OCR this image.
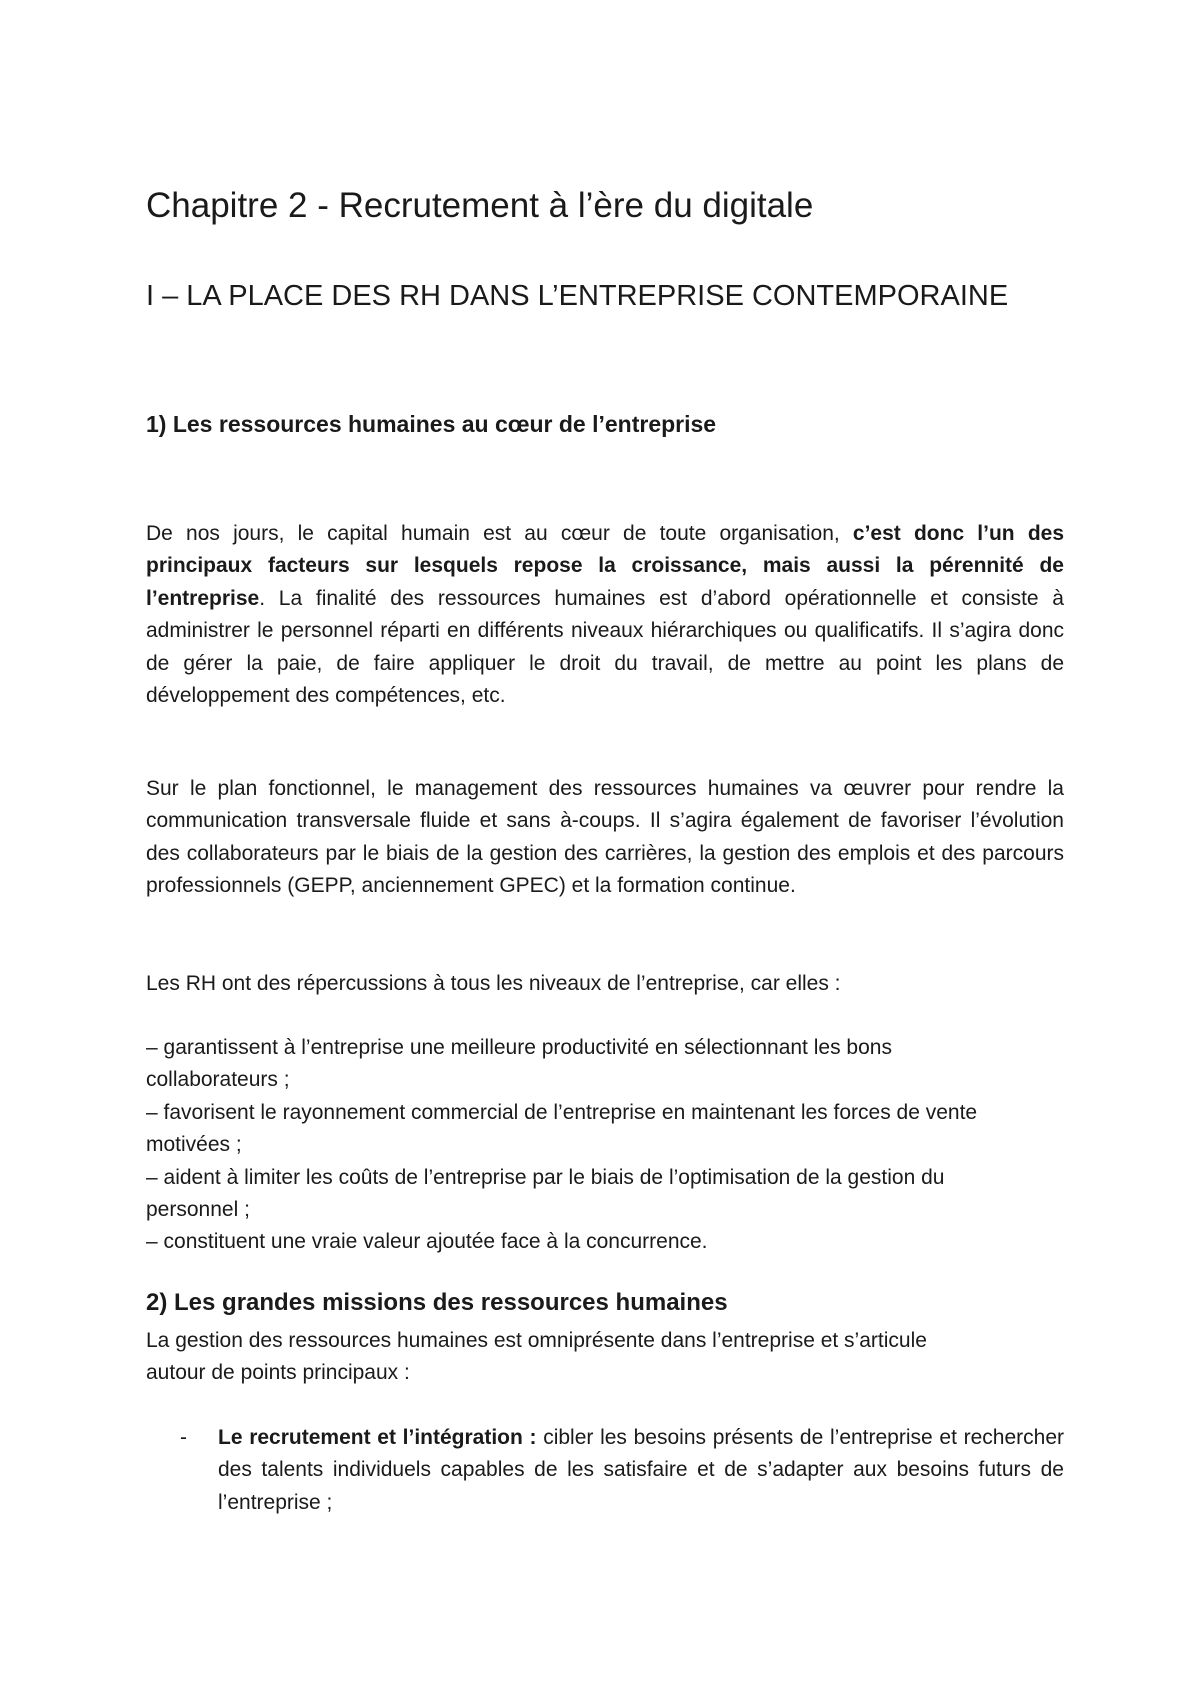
Chapitre 2 - Recrutement à l’ère du digitale
I – LA PLACE DES RH DANS L’ENTREPRISE CONTEMPORAINE
1) Les ressources humaines au cœur de l’entreprise

De nos jours, le capital humain est au cœur de toute organisation, c’est donc l’un des principaux facteurs sur lesquels repose la croissance, mais aussi la pérennité de l’entreprise. La finalité des ressources humaines est d’abord opérationnelle et consiste à administrer le personnel réparti en différents niveaux hiérarchiques ou qualificatifs. Il s’agira donc de gérer la paie, de faire appliquer le droit du travail, de mettre au point les plans de développement des compétences, etc.

Sur le plan fonctionnel, le management des ressources humaines va œuvrer pour rendre la communication transversale fluide et sans à-coups. Il s’agira également de favoriser l’évolution des collaborateurs par le biais de la gestion des carrières, la gestion des emplois et des parcours professionnels (GEPP, anciennement GPEC) et la formation continue.

Les RH ont des répercussions à tous les niveaux de l’entreprise, car elles :

– garantissent à l’entreprise une meilleure productivité en sélectionnant les bons collaborateurs ;
– favorisent le rayonnement commercial de l’entreprise en maintenant les forces de vente motivées ;
– aident à limiter les coûts de l’entreprise par le biais de l’optimisation de la gestion du personnel ;
– constituent une vraie valeur ajoutée face à la concurrence.
2) Les grandes missions des ressources humaines

La gestion des ressources humaines est omniprésente dans l’entreprise et s’articule autour de points principaux :

- Le recrutement et l’intégration : cibler les besoins présents de l’entreprise et rechercher des talents individuels capables de les satisfaire et de s’adapter aux besoins futurs de l’entreprise ;
